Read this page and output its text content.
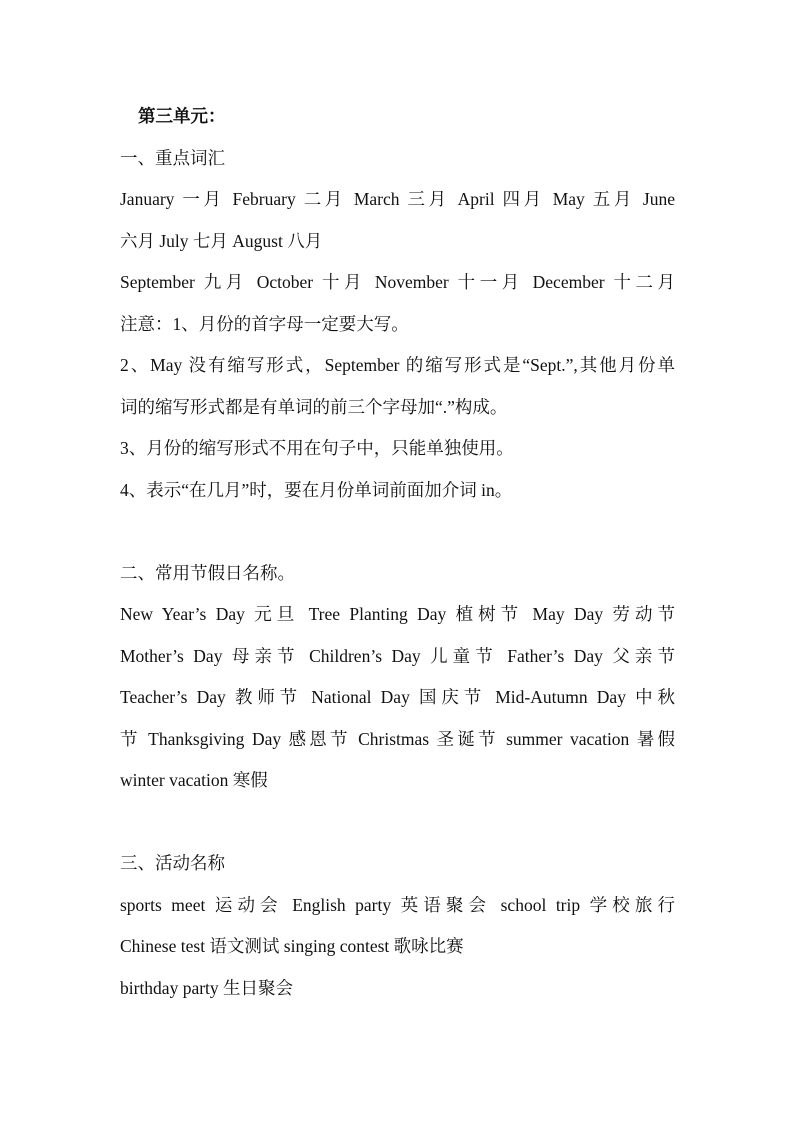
第三单元：
一、重点词汇
January 一月 February 二月 March 三月 April 四月 May 五月 June
六月 July 七月 August 八月
September 九月 October 十月 November 十一月 December 十二月
注意：1、月份的首字母一定要大写。
2、May 没有缩写形式，September 的缩写形式是“Sept.”,其他月份单
词的缩写形式都是有单词的前三个字母加“.”构成。
3、月份的缩写形式不用在句子中，只能单独使用。
4、表示“在几月”时，要在月份单词前面加介词 in。
二、常用节假日名称。
New Year’s Day 元旦 Tree Planting Day 植树节 May Day 劳动节
Mother’s Day 母亲节 Children’s Day 儿童节 Father’s Day 父亲节
Teacher’s Day 教师节 National Day 国庆节 Mid-Autumn Day 中秋
节 Thanksgiving Day 感恩节 Christmas 圣诞节 summer vacation 暑假
winter vacation 寒假
三、活动名称
sports meet 运动会 English party 英语聚会 school trip 学校旅行
Chinese test 语文测试 singing contest 歌咏比赛
birthday party 生日聚会
